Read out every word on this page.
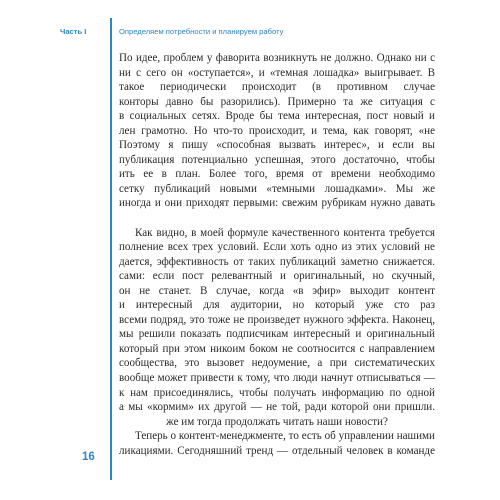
Часть I	Определяем потребности и планируем работу
По идее, проблем у фаворита возникнуть не должно. Однако ни с
ни с сего он «оступается», и «темная лошадка» выигрывает. В
такое периодически происходит (в противном случае
конторы давно бы разорились). Примерно та же ситуация с
в социальных сетях. Вроде бы тема интересная, пост новый и
лен грамотно. Но что-то происходит, и тема, как говорят, «не
Поэтому я пишу «способная вызвать интерес», и если вы
публикация потенциально успешная, этого достаточно, чтобы
ить ее в план. Более того, время от времени необходимо
сетку публикаций новыми «темными лошадками». Мы же
иногда и они приходят первыми: свежим рубрикам нужно давать
Как видно, в моей формуле качественного контента требуется
полнение всех трех условий. Если хоть одно из этих условий не
дается, эффективность от таких публикаций заметно снижается.
сами: если пост релевантный и оригинальный, но скучный,
он не станет. В случае, когда «в эфир» выходит контент
и интересный для аудитории, но который уже сто раз
всеми подряд, это тоже не произведет нужного эффекта. Наконец,
мы решили показать подписчикам интересный и оригинальный
который при этом никоим боком не соотносится с направлением
сообщества, это вызовет недоумение, а при систематических
вообще может привести к тому, что люди начнут отписываться —
к нам присоединялись, чтобы получать информацию по одной
а мы «кормим» их другой — не той, ради которой они пришли.
же им тогда продолжать читать наши новости?
Теперь о контент-менеджменте, то есть об управлении нашими
ликациями. Сегодняшний тренд — отдельный человек в команде
16
